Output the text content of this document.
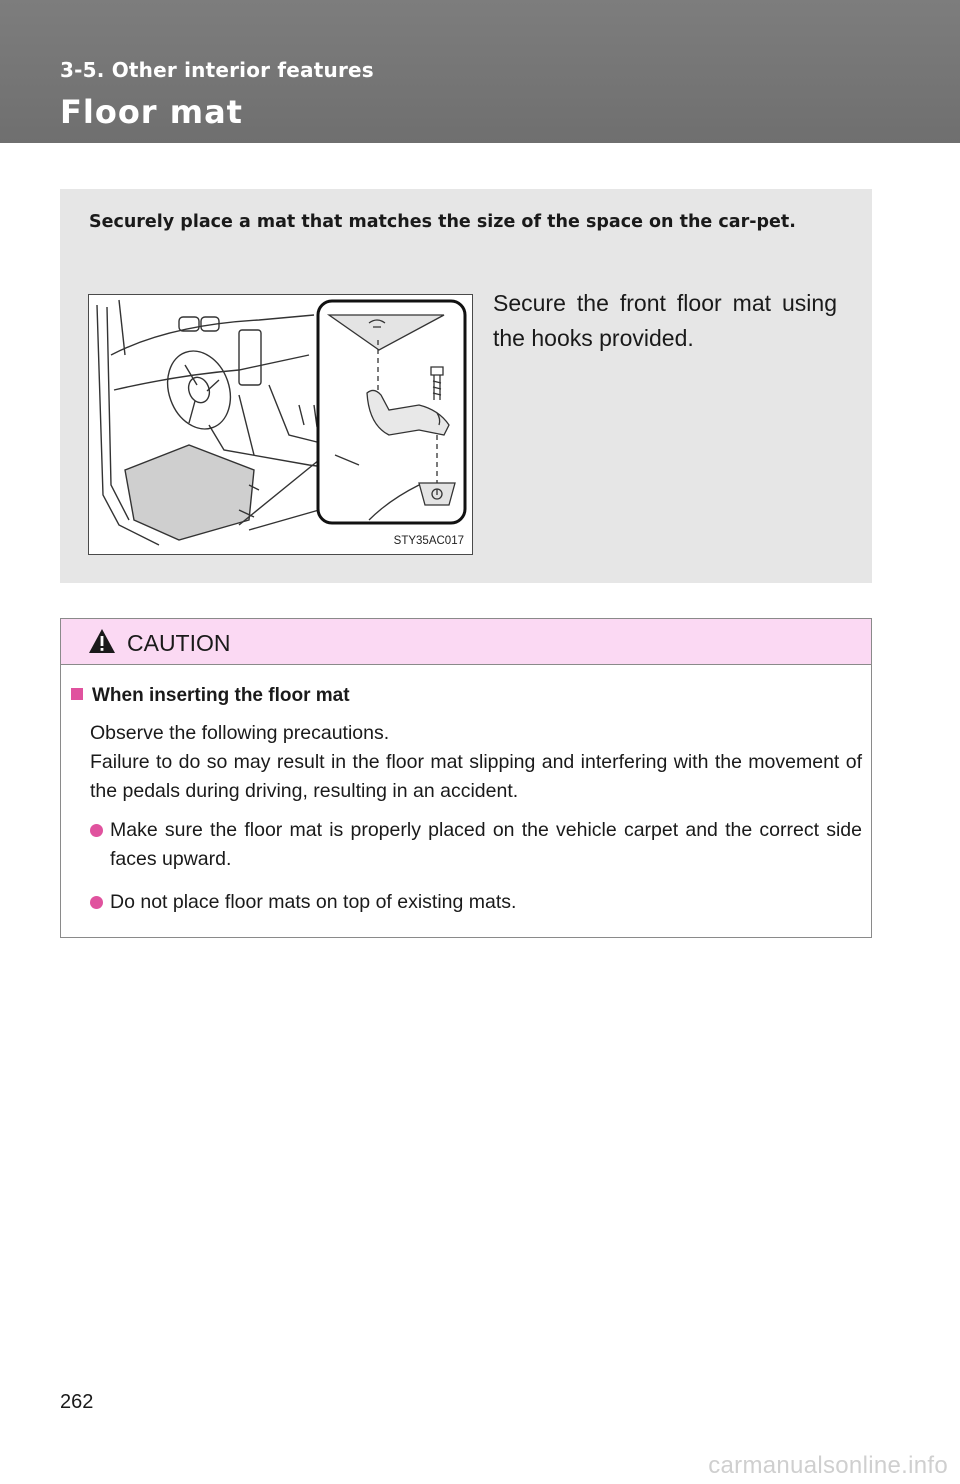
3-5. Other interior features
Floor mat
Securely place a mat that matches the size of the space on the car-pet.
STY35AC017
Secure the front floor mat using the hooks provided.
CAUTION
When inserting the floor mat

Observe the following precautions.

Failure to do so may result in the floor mat slipping and interfering with the movement of the pedals during driving, resulting in an accident.

Make sure the floor mat is properly placed on the vehicle carpet and the correct side faces upward.
Do not place floor mats on top of existing mats.
262
carmanualsonline.info
